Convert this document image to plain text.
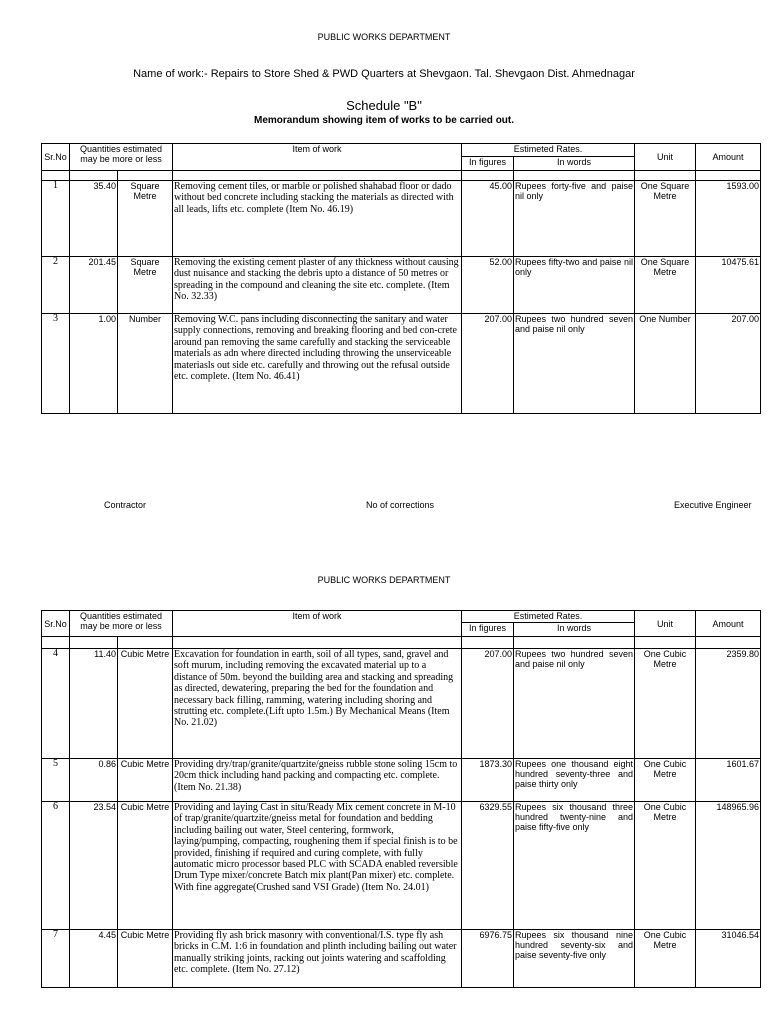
PUBLIC WORKS DEPARTMENT
Name of work:- Repairs to Store Shed & PWD Quarters at Shevgaon. Tal. Shevgaon Dist. Ahmednagar
Schedule "B"
Memorandum showing item of works to be carried out.
Sr.No	Quantities estimated may be more or less		Item of work	Estimeted Rates.		Unit	Amount
				In figures	In words		

1	35.40	Square Metre	Removing cement tiles, or marble or polished shahabad floor or dado without bed concrete including stacking the materials as directed with all leads, lifts etc. complete (Item No. 46.19)	45.00	Rupees forty-five and paise nil only	One Square Metre	1593.00
2	201.45	Square Metre	Removing the existing cement plaster of any thickness without causing dust nuisance and stacking the debris upto a distance of 50 metres or spreading in the compound and cleaning the site etc. complete. (Item No. 32.33)	52.00	Rupees fifty-two and paise nil only	One Square Metre	10475.61
3	1.00	Number	Removing W.C. pans including disconnecting the sanitary and water supply connections, removing and breaking flooring and bed con-crete around pan removing the same carefully and stacking the serviceable materials as adn where directed including throwing the unserviceable materiasls out side etc. carefully and throwing out the refusal outside etc. complete. (Item No. 46.41)	207.00	Rupees two hundred seven and paise nil only	One Number	207.00
Contractor	No of corrections	Executive Engineer
PUBLIC WORKS DEPARTMENT
Sr.No	Quantities estimated may be more or less		Item of work	Estimeted Rates.		Unit	Amount
				In figures	In words		

4	11.40	Cubic Metre	Excavation for foundation in earth, soil of all types, sand, gravel and soft murum, including removing the excavated material up to a distance of 50m. beyond the building area and stacking and spreading as directed, dewatering, preparing the bed for the foundation and necessary back filling, ramming, watering including shoring and strutting etc. complete.(Lift upto 1.5m.) By Mechanical Means (Item No. 21.02)	207.00	Rupees two hundred seven and paise nil only	One Cubic Metre	2359.80
5	0.86	Cubic Metre	Providing dry/trap/granite/quartzite/gneiss rubble stone soling 15cm to 20cm thick including hand packing and compacting etc. complete. (Item No. 21.38)	1873.30	Rupees one thousand eight hundred seventy-three and paise thirty only	One Cubic Metre	1601.67
6	23.54	Cubic Metre	Providing and laying Cast in situ/Ready Mix cement concrete in M-10 of trap/granite/quartzite/gneiss metal for foundation and bedding including bailing out water, Steel centering, formwork, laying/pumping, compacting, roughening them if special finish is to be provided, finishing if required and curing complete, with fully automatic micro processor based PLC with SCADA enabled reversible Drum Type mixer/concrete Batch mix plant(Pan mixer) etc. complete. With fine aggregate(Crushed sand VSI Grade) (Item No. 24.01)	6329.55	Rupees six thousand three hundred twenty-nine and paise fifty-five only	One Cubic Metre	148965.96
7	4.45	Cubic Metre	Providing fly ash brick masonry with conventional/I.S. type fly ash bricks in C.M. 1:6 in foundation and plinth including bailing out water manually striking joints, racking out joints watering and scaffolding etc. complete. (Item No. 27.12)	6976.75	Rupees six thousand nine hundred seventy-six and paise seventy-five only	One Cubic Metre	31046.54
